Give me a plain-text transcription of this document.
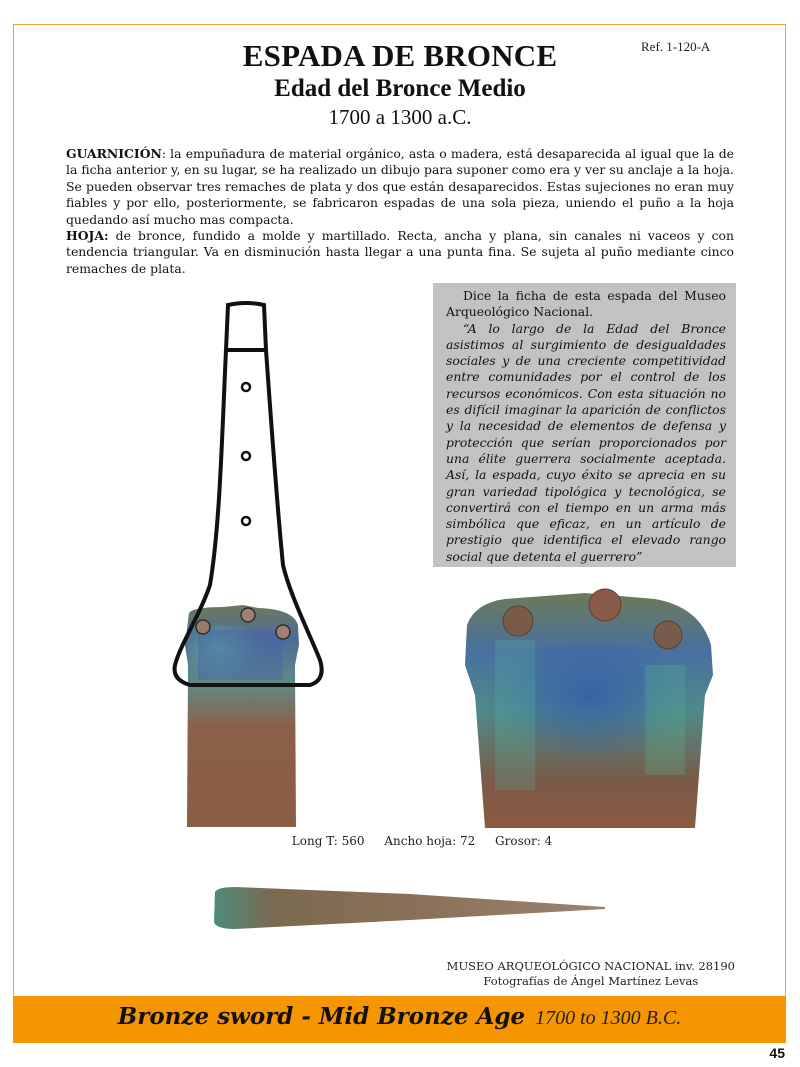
Ref. 1-120-A
ESPADA DE BRONCE
Edad del Bronce Medio
1700 a 1300 a.C.

GUARNICIÓN: la empuñadura de material orgánico, asta o madera, está desaparecida al igual que la de la ficha anterior y, en su lugar, se ha realizado un dibujo para suponer como era y ver su anclaje a la hoja. Se pueden observar tres remaches de plata y dos que están desaparecidos. Estas sujeciones no eran muy fiables y por ello, posteriormente, se fabricaron espadas de una sola pieza, uniendo el puño a la hoja quedando así mucho mas compacta.

HOJA: de bronce, fundido a molde y martillado. Recta, ancha y plana, sin canales ni vaceos y con tendencia triangular. Va en disminución hasta llegar a una punta fina. Se sujeta al puño mediante cinco remaches de plata.

Dice la ficha de esta espada del Museo Arqueológico Nacional.

“A lo largo de la Edad del Bronce asistimos al surgimiento de desigualdades sociales y de una creciente competitividad entre comunidades por el control de los recursos económicos. Con esta situación no es difícil imaginar la aparición de conflictos y la necesidad de elementos de defensa y protección que serían proporcionados por una élite guerrera socialmente aceptada. Así, la espada, cuyo éxito se aprecia en su gran variedad tipológica y tecnológica, se convertirá con el tiempo en un arma más simbólica que eficaz, en un artículo de prestigio que identifica el elevado rango social que detenta el guerrero”

Long T: 560 Ancho hoja: 72 Grosor: 4
MUSEO ARQUEOLÓGICO NACIONAL inv. 28190
Fotografías de Ángel Martínez Levas
Bronze sword - Mid Bronze Age 1700 to 1300 B.C.
45
